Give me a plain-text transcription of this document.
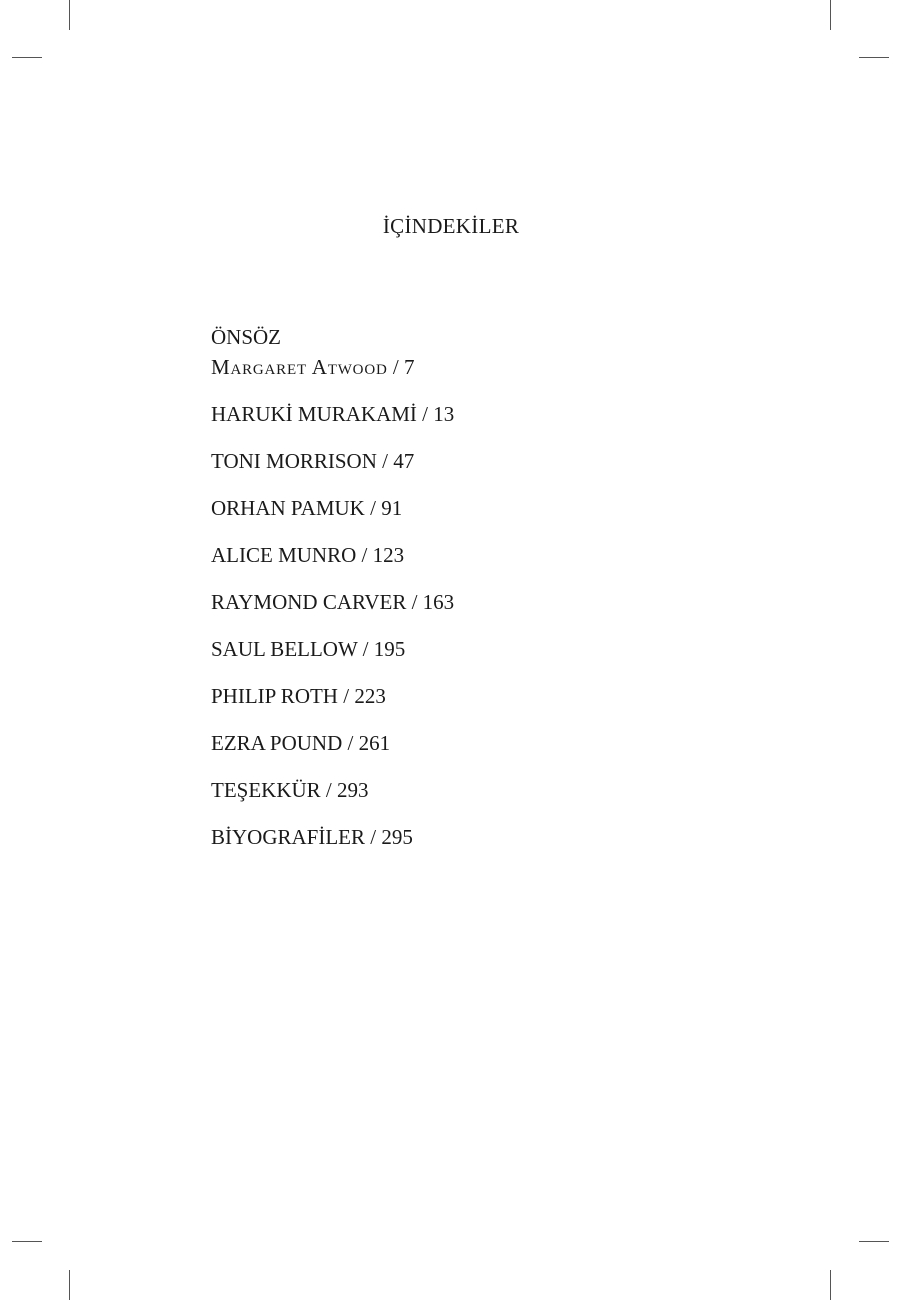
İÇİNDEKİLER
ÖNSÖZ
Margaret Atwood / 7
HARUKİ MURAKAMİ / 13
TONI MORRISON / 47
ORHAN PAMUK / 91
ALICE MUNRO / 123
RAYMOND CARVER / 163
SAUL BELLOW / 195
PHILIP ROTH / 223
EZRA POUND / 261
TEŞEKKÜR / 293
BİYOGRAFİLER / 295
